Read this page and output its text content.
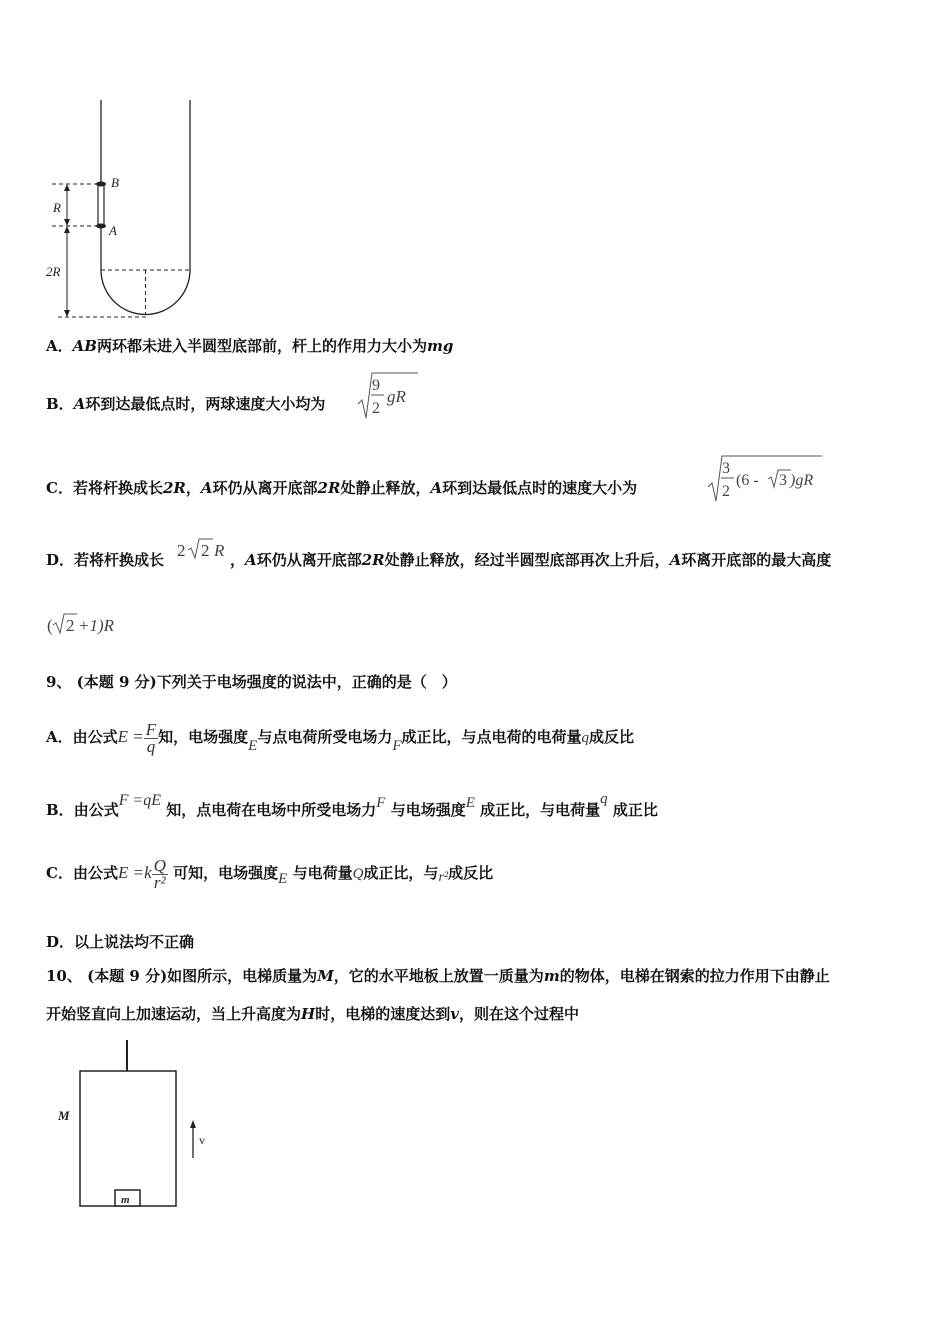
B
A
R
2R
A．AB两环都未进入半圆型底部前，杆上的作用力大小为mg
B．A环到达最低点时，两球速度大小均为
9
2
gR
C．若将杆换成长2R，A环仍从离开底部2R处静止释放，A环到达最低点时的速度大小为
3
2
(6 - 3 )gR
D．若将杆换成长	，A环仍从离开底部2R处静止释放，经过半圆型底部再次上升后，A环离开底部的最大高度
2 2 R
( 2 +1)R
9、 (本题 9 分)下列关于电场强度的说法中，正确的是（　）
A．由公式$E = \frac{F}{q}$ 知，电场强度E与点电荷所受电场力F成正比，与点电荷的电荷量q成反比
B．由公式F =qE 知，点电荷在电场中所受电场力F 与电场强度E 成正比，与电荷量q 成正比
C．由公式$E =k \frac{Q}{\text{r²}}$ 可知，电场强度E 与电荷量Q成正比，与r²成反比
D．以上说法均不正确
10、 (本题 9 分)如图所示，电梯质量为M，它的水平地板上放置一质量为m的物体，电梯在钢索的拉力作用下由静止
开始竖直向上加速运动，当上升高度为H时，电梯的速度达到v，则在这个过程中
m
M
v
